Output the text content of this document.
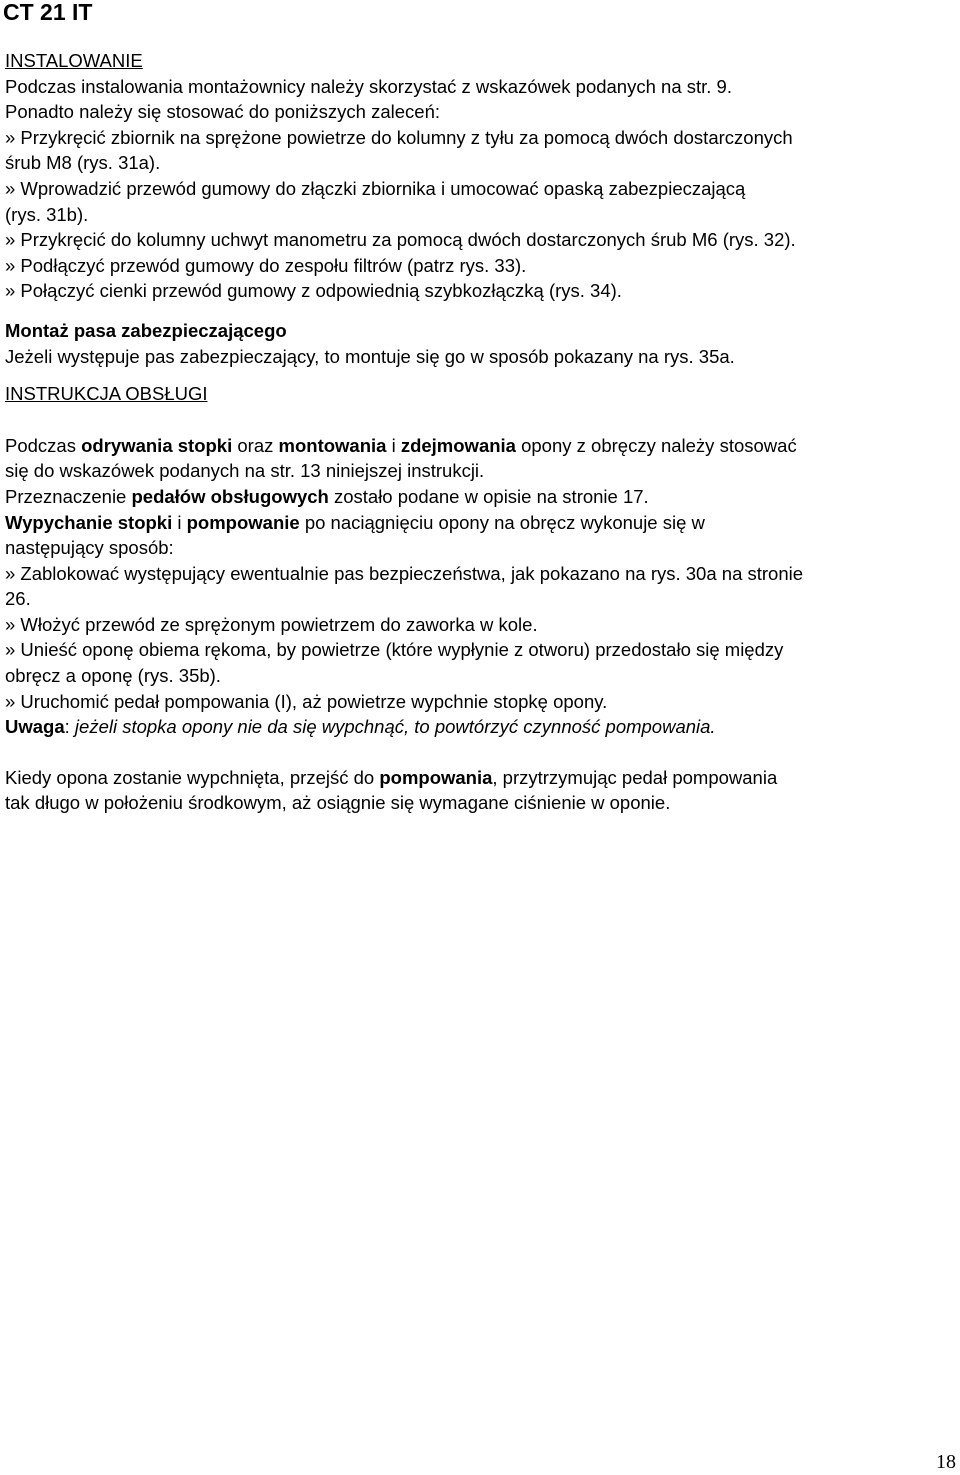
CT 21 IT

INSTALOWANIE

Podczas instalowania montażownicy należy skorzystać z wskazówek podanych na str. 9.

Ponadto należy się stosować do poniższych zaleceń:

» Przykręcić zbiornik na sprężone powietrze do kolumny z tyłu za pomocą dwóch dostarczonych

śrub M8 (rys. 31a).

» Wprowadzić przewód gumowy do złączki zbiornika i umocować opaską zabezpieczającą

(rys. 31b).

» Przykręcić do kolumny uchwyt manometru za pomocą dwóch dostarczonych śrub M6 (rys. 32).

» Podłączyć przewód gumowy do zespołu filtrów (patrz rys. 33).

» Połączyć cienki przewód gumowy z odpowiednią szybkozłączką (rys. 34).

Montaż pasa zabezpieczającego

Jeżeli występuje pas zabezpieczający, to montuje się go w sposób pokazany na rys. 35a.

INSTRUKCJA OBSŁUGI

Podczas odrywania stopki oraz montowania i zdejmowania opony z obręczy należy stosować

się do wskazówek podanych na str. 13 niniejszej instrukcji.

Przeznaczenie pedałów obsługowych zostało podane w opisie na stronie 17.

Wypychanie stopki i pompowanie po naciągnięciu opony na obręcz wykonuje się w

następujący sposób:

» Zablokować występujący ewentualnie pas bezpieczeństwa, jak pokazano na rys. 30a na stronie

26.

» Włożyć przewód ze sprężonym powietrzem do zaworka w kole.

» Unieść oponę obiema rękoma, by powietrze (które wypłynie z otworu) przedostało się między

obręcz a oponę (rys. 35b).

» Uruchomić pedał pompowania (I), aż powietrze wypchnie stopkę opony.

Uwaga: jeżeli stopka opony nie da się wypchnąć, to powtórzyć czynność pompowania.

Kiedy opona zostanie wypchnięta, przejść do pompowania, przytrzymując pedał pompowania

tak długo w położeniu środkowym, aż osiągnie się wymagane ciśnienie w oponie.

18
